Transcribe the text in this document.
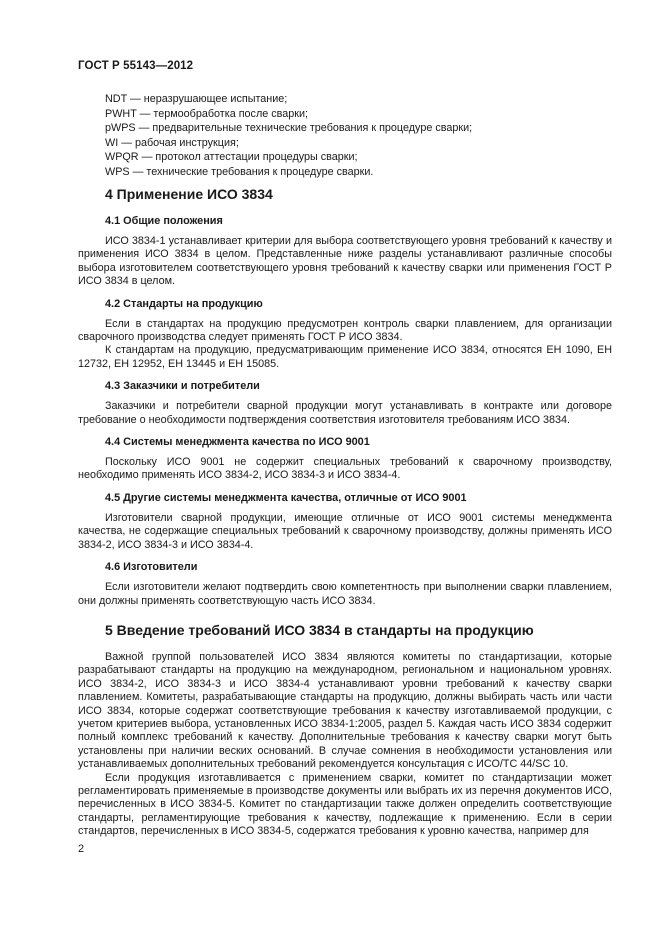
ГОСТ Р 55143—2012
NDT — неразрушающее испытание;
PWHT — термообработка после сварки;
pWPS — предварительные технические требования к процедуре сварки;
WI — рабочая инструкция;
WPQR — протокол аттестации процедуры сварки;
WPS — технические требования к процедуре сварки.
4 Применение ИСО 3834
4.1 Общие положения

ИСО 3834-1 устанавливает критерии для выбора соответствующего уровня требований к качеству и применения ИСО 3834 в целом. Представленные ниже разделы устанавливают различные способы выбора изготовителем соответствующего уровня требований к качеству сварки или применения ГОСТ Р ИСО 3834 в целом.

4.2 Стандарты на продукцию

Если в стандартах на продукцию предусмотрен контроль сварки плавлением, для организации сварочного производства следует применять ГОСТ Р ИСО 3834.

К стандартам на продукцию, предусматривающим применение ИСО 3834, относятся ЕН 1090, ЕН 12732, ЕН 12952, ЕН 13445 и ЕН 15085.

4.3 Заказчики и потребители

Заказчики и потребители сварной продукции могут устанавливать в контракте или договоре требование о необходимости подтверждения соответствия изготовителя требованиям ИСО 3834.

4.4 Системы менеджмента качества по ИСО 9001

Поскольку ИСО 9001 не содержит специальных требований к сварочному производству, необходимо применять ИСО 3834-2, ИСО 3834-3 и ИСО 3834-4.

4.5 Другие системы менеджмента качества, отличные от ИСО 9001

Изготовители сварной продукции, имеющие отличные от ИСО 9001 системы менеджмента качества, не содержащие специальных требований к сварочному производству, должны применять ИСО 3834-2, ИСО 3834-3 и ИСО 3834-4.

4.6 Изготовители

Если изготовители желают подтвердить свою компетентность при выполнении сварки плавлением, они должны применять соответствующую часть ИСО 3834.

5 Введение требований ИСО 3834 в стандарты на продукцию

Важной группой пользователей ИСО 3834 являются комитеты по стандартизации, которые разрабатывают стандарты на продукцию на международном, региональном и национальном уровнях. ИСО 3834-2, ИСО 3834-3 и ИСО 3834-4 устанавливают уровни требований к качеству сварки плавлением. Комитеты, разрабатывающие стандарты на продукцию, должны выбирать часть или части ИСО 3834, которые содержат соответствующие требования к качеству изготавливаемой продукции, с учетом критериев выбора, установленных ИСО 3834-1:2005, раздел 5. Каждая часть ИСО 3834 содержит полный комплекс требований к качеству. Дополнительные требования к качеству сварки могут быть установлены при наличии веских оснований. В случае сомнения в необходимости установления или устанавливаемых дополнительных требований рекомендуется консультация с ИСО/ТС 44/SC 10.

Если продукция изготавливается с применением сварки, комитет по стандартизации может регламентировать применяемые в производстве документы или выбрать их из перечня документов ИСО, перечисленных в ИСО 3834-5. Комитет по стандартизации также должен определить соответствующие стандарты, регламентирующие требования к качеству, подлежащие к применению. Если в серии стандартов, перечисленных в ИСО 3834-5, содержатся требования к уровню качества, например для

2
